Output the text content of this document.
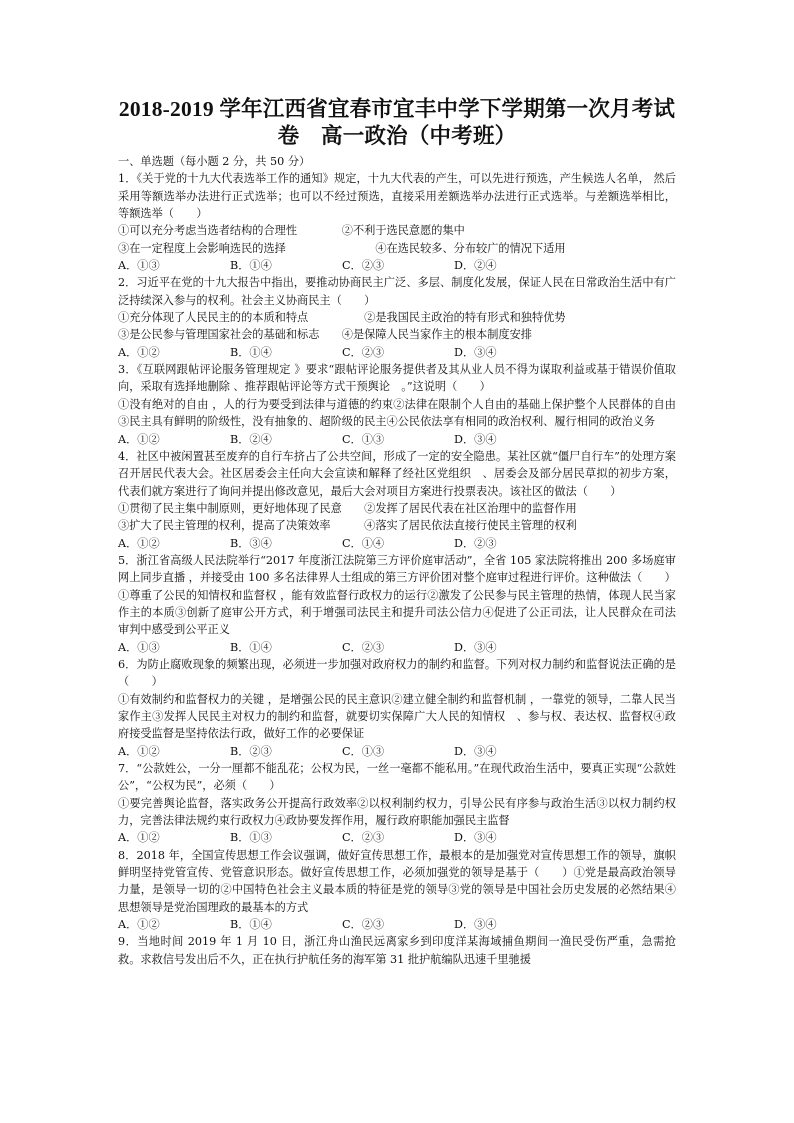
2018-2019 学年江西省宜春市宜丰中学下学期第一次月考试
卷　高一政治（中考班）
一、单选题（每小题 2 分，共 50 分）
1．《关于党的十九大代表选举工作的通知》规定，十九大代表的产生，可以先进行预选，产生候选人名单， 然后采用等额选举办法进行正式选举；也可以不经过预选，直接采用差额选举办法进行正式选举。与差额选举相比，等额选举（　　）
①可以充分考虑当选者结构的合理性　　　　②不利于选民意愿的集中
③在一定程度上会影响选民的选择　　　　　　　　④在选民较多、分布较广的情况下适用
A．①③	B．①④	C．②③	D．②④
2．习近平在党的十九大报告中指出，要推动协商民主广泛、多层、制度化发展，保证人民在日常政治生活中有广泛持续深入参与的权利。社会主义协商民主（　　）
①充分体现了人民民主的的本质和特点　　　　　②是我国民主政治的特有形式和独特优势
③是公民参与管理国家社会的基础和标志　　④是保障人民当家作主的根本制度安排
A．①②	B．①④	C．②③	D．③④
3．《互联网跟帖评论服务管理规定 》要求“跟帖评论服务提供者及其从业人员不得为谋取利益或基于错误价值取向，采取有选择地删除 、推荐跟帖评论等方式干预舆论　。”这说明（　　）
①没有绝对的自由 ，人的行为要受到法律与道德的约束②法律在限制个人自由的基础上保护整个人民群体的自由③民主具有鲜明的阶级性，没有抽象的、超阶级的民主④公民依法享有相同的政治权利、履行相同的政治义务
A．①②	B．②④	C．①③	D．③④
4．社区中被闲置甚至废弃的自行车挤占了公共空间，形成了一定的安全隐患。某社区就“僵尸自行车”的处理方案召开居民代表大会。社区居委会主任向大会宣读和解释了经社区党组织　、居委会及部分居民草拟的初步方案，代表们就方案进行了询问并提出修改意见，最后大会对项目方案进行投票表决。该社区的做法（　　）
①贯彻了民主集中制原则，更好地体现了民意　　②发挥了居民代表在社区治理中的监督作用
③扩大了民主管理的权利，提高了决策效率　　　④落实了居民依法直接行使民主管理的权利
A．①②	B．③④	C．①④	D．②③
5．浙江省高级人民法院举行“2017 年度浙江法院第三方评价庭审活动”，全省 105 家法院将推出 200 多场庭审网上同步直播 ，并接受由 100 多名法律界人士组成的第三方评价团对整个庭审过程进行评价。这种做法（　　）
①尊重了公民的知情权和监督权 ，能有效监督行政权力的运行②激发了公民参与民主管理的热情，体现人民当家作主的本质③创新了庭审公开方式，利于增强司法民主和提升司法公信力④促进了公正司法，让人民群众在司法审判中感受到公平正义
A．①③	B．①④	C．②③	D．③④
6．为防止腐败现象的频繁出现，必须进一步加强对政府权力的制约和监督。下列对权力制约和监督说法正确的是（　　）
①有效制约和监督权力的关键 ，是增强公民的民主意识②建立健全制约和监督机制 ，一靠党的领导，二靠人民当家作主③发挥人民民主对权力的制约和监督，就要切实保障广大人民的知情权　、参与权、表达权、监督权④政府接受监督是坚持依法行政，做好工作的必要保证
A．①②	B．②③	C．①③	D．③④
7．“公款姓公，一分一厘都不能乱花；公权为民，一丝一毫都不能私用。”在现代政治生活中，要真正实现“公款姓公”，“公权为民”，必须（　　）
①要完善舆论监督，落实政务公开提高行政效率②以权利制约权力，引导公民有序参与政治生活③以权力制约权力，完善法律法规约束行政权力④政协要发挥作用，履行政府职能加强民主监督
A．①②	B．①③	C．②③	D．③④
8．2018 年，全国宣传思想工作会议强调，做好宣传思想工作，最根本的是加强党对宣传思想工作的领导，旗帜鲜明坚持党管宣传、党管意识形态。做好宣传思想工作，必须加强党的领导是基于（　　）①党是最高政治领导力量，是领导一切的②中国特色社会主义最本质的特征是党的领导③党的领导是中国社会历史发展的必然结果④思想领导是党治国理政的最基本的方式
A．①②	B．①④	C．②③	D．③④
9．当地时间 2019 年 1 月 10 日，浙江舟山渔民远离家乡到印度洋某海域捕鱼期间一渔民受伤严重，急需抢救。求救信号发出后不久，正在执行护航任务的海军第 31 批护航编队迅速千里驰援
